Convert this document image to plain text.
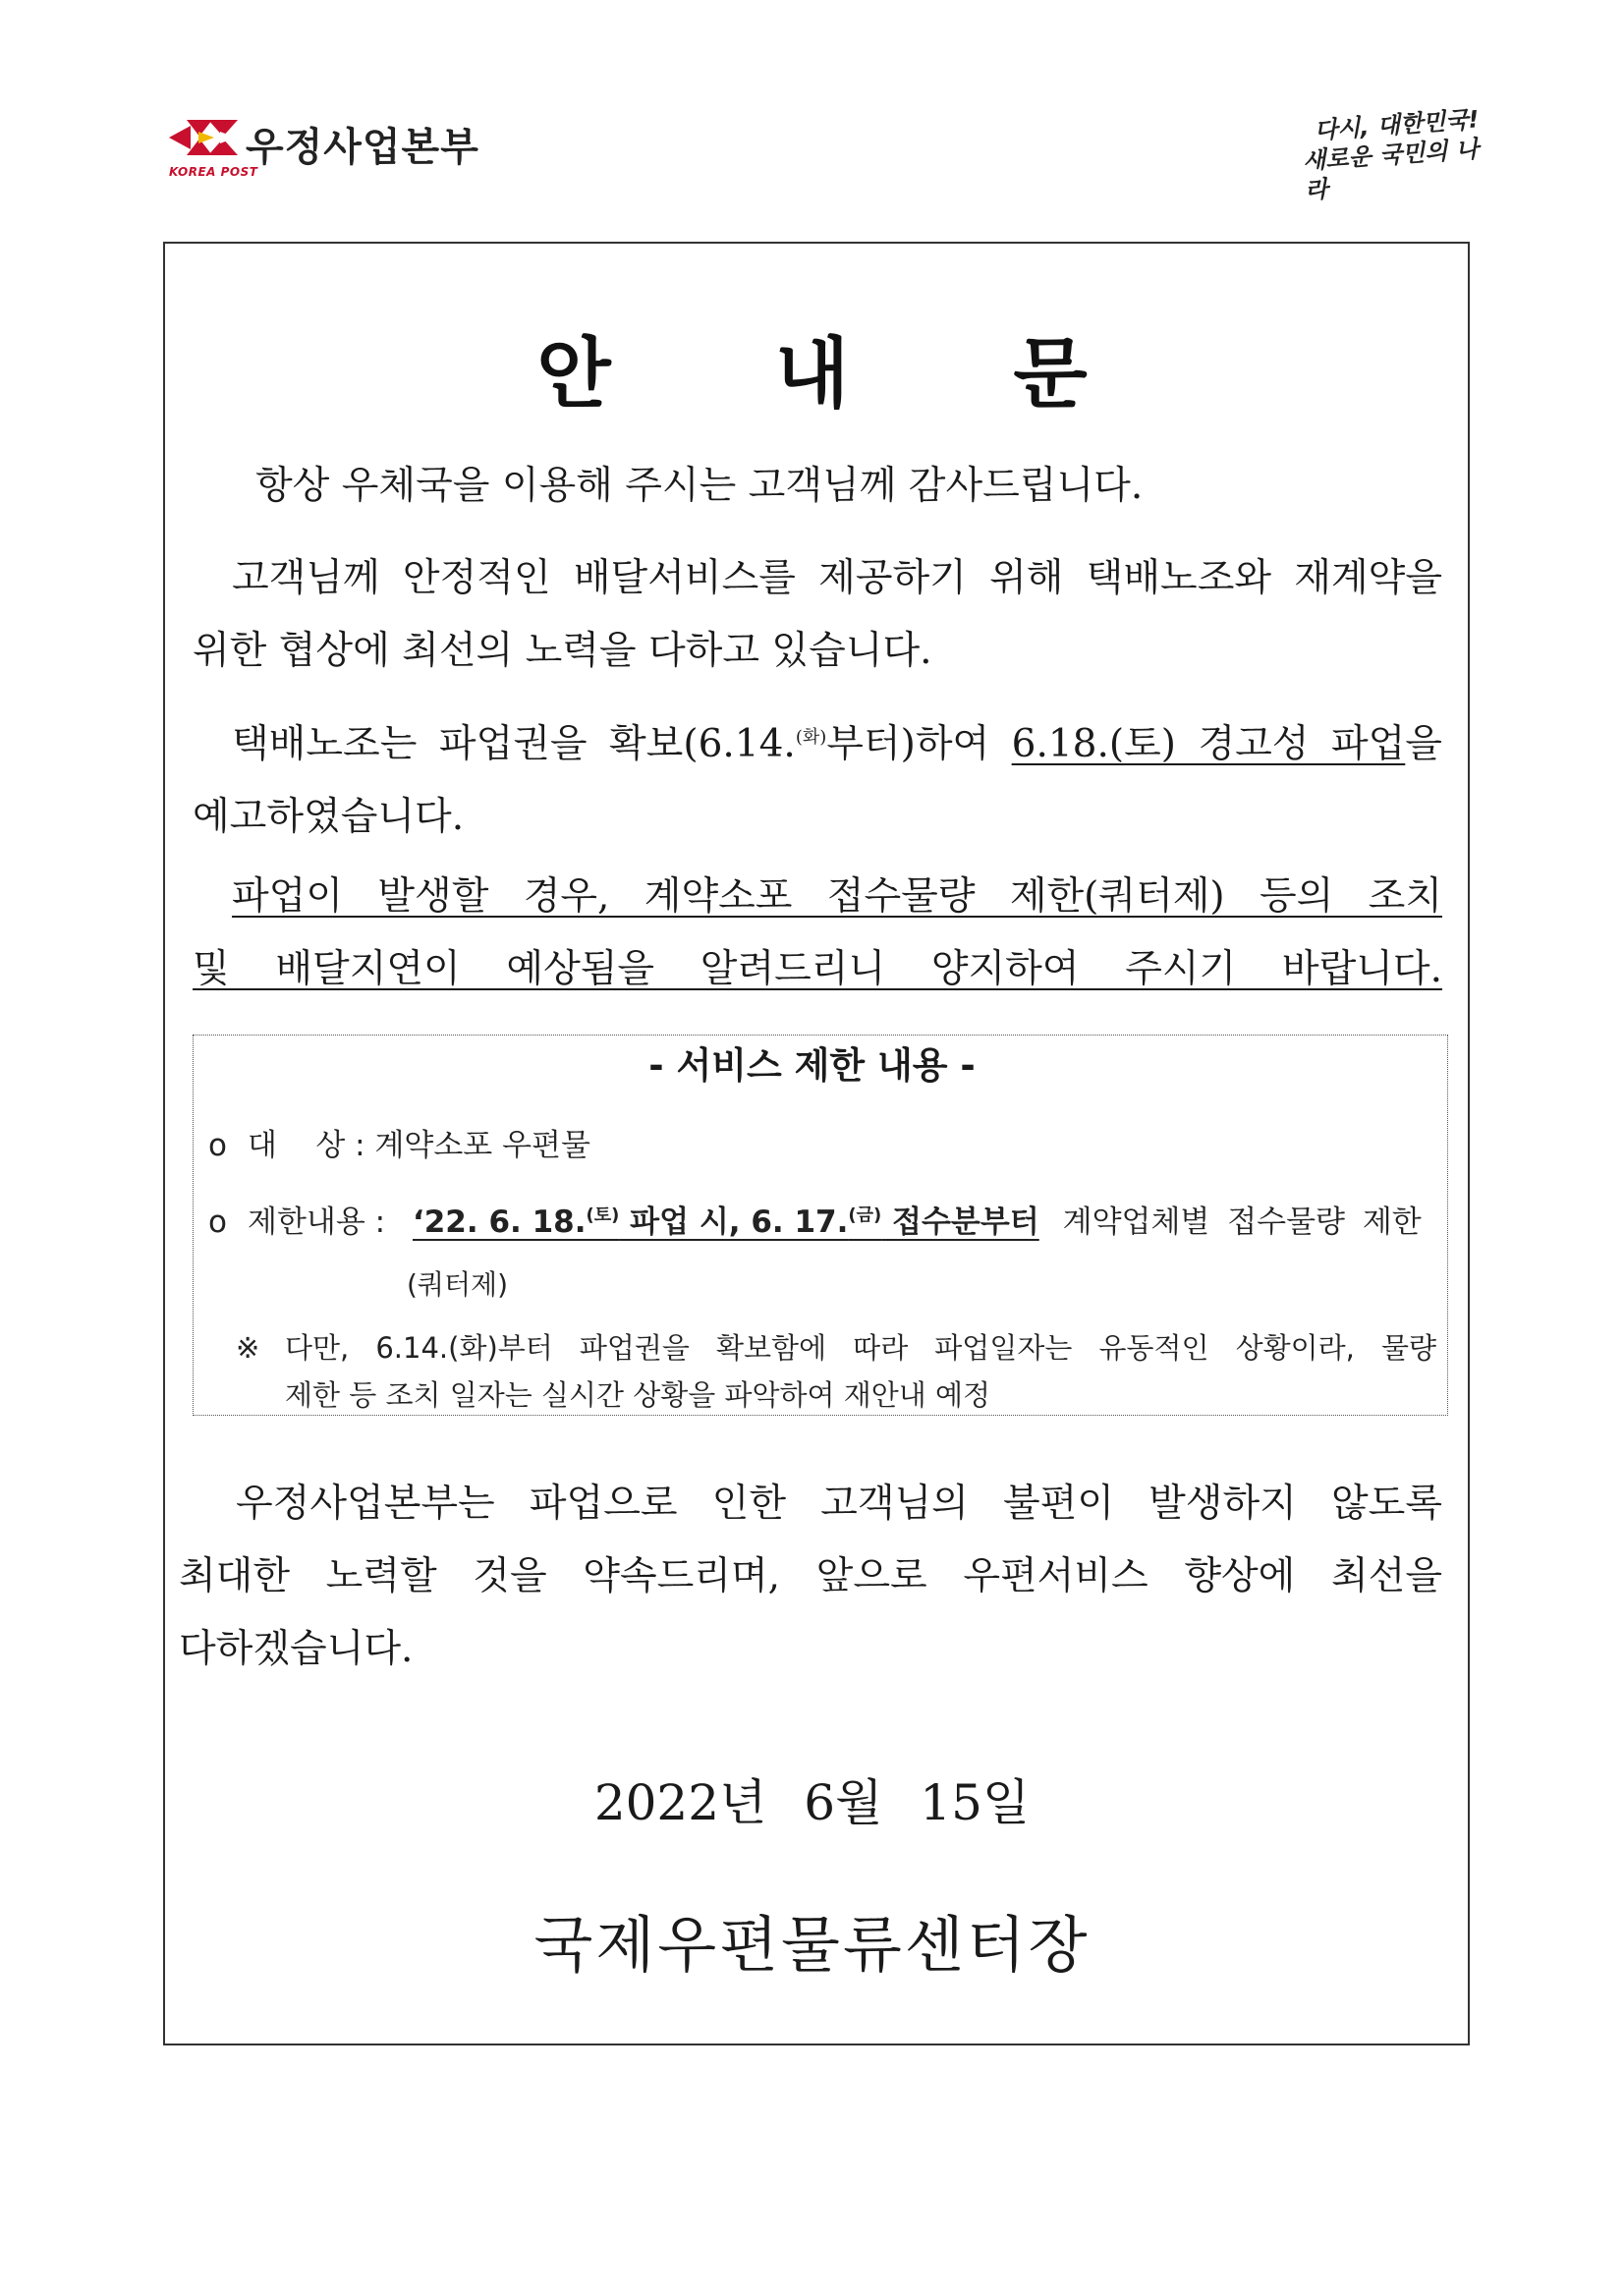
우정사업본부
KOREA POST
다시, 대한민국!
새로운 국민의 나라
안 내 문
항상 우체국을 이용해 주시는 고객님께 감사드립니다.
고객님께 안정적인 배달서비스를 제공하기 위해 택배노조와 재계약을
위한 협상에 최선의 노력을 다하고 있습니다.
택배노조는 파업권을 확보(6.14.$^{(화)}$부터)하여 6.18.(토) 경고성 파업을
예고하였습니다.
파업이 발생할 경우, 계약소포 접수물량 제한(쿼터제) 등의 조치
및 배달지연이 예상됨을 알려드리니 양지하여 주시기 바랍니다.
- 서비스 제한 내용 -
o 대    상 : 계약소포 우편물
o 제한내용 : ‘22. 6. 18.$^{(토)}$ 파업 시, 6. 17.$^{(금)}$ 접수분부터 계약업체별 접수물량 제한
(쿼터제)
※ 다만, 6.14.(화)부터 파업권을 확보함에 따라 파업일자는 유동적인 상황이라, 물량
제한 등 조치 일자는 실시간 상황을 파악하여 재안내 예정
우정사업본부는 파업으로 인한 고객님의 불편이 발생하지 않도록
최대한 노력할 것을 약속드리며, 앞으로 우편서비스 향상에 최선을
다하겠습니다.
2022년 6월 15일
국제우편물류센터장
